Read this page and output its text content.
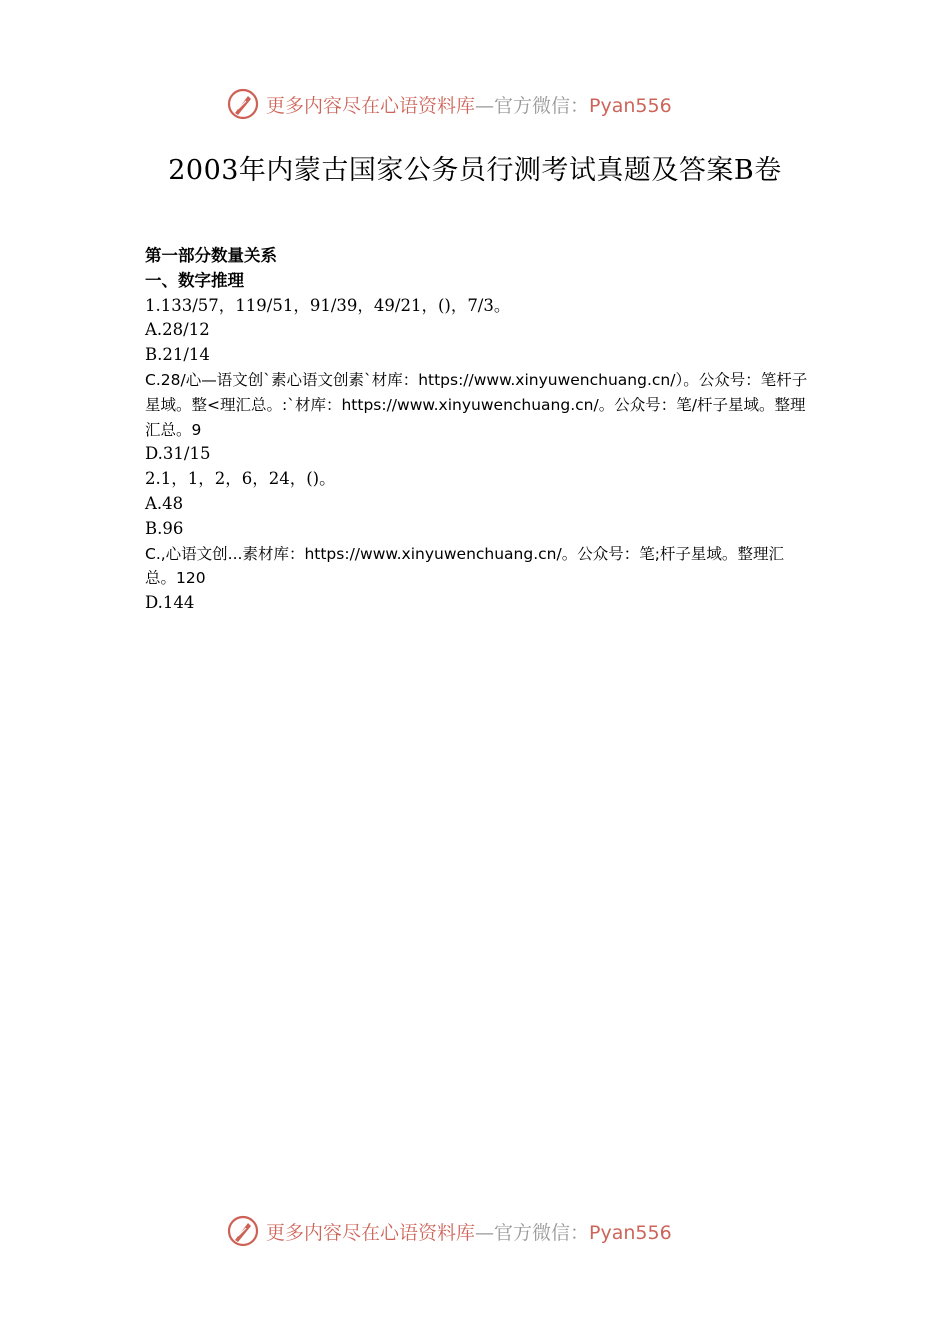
更多内容尽在心语资料库—官方微信：Pyan556
2003年内蒙古国家公务员行测考试真题及答案B卷
第一部分数量关系
一、数字推理
1.133/57，119/51，91/39，49/21，()，7/3。
A.28/12
B.21/14
C.28/心—语文创`素心语文创素`材库：https://www.xinyuwenchuang.cn/）。公众号：笔杆子星域。整<理汇总。:`材库：https://www.xinyuwenchuang.cn/。公众号：笔/杆子星域。整理汇总。9
D.31/15
2.1，1，2，6，24，()。
A.48
B.96
C.,心语文创...素材库：https://www.xinyuwenchuang.cn/。公众号：笔;杆子星域。整理汇总。120
D.144
更多内容尽在心语资料库—官方微信：Pyan556
